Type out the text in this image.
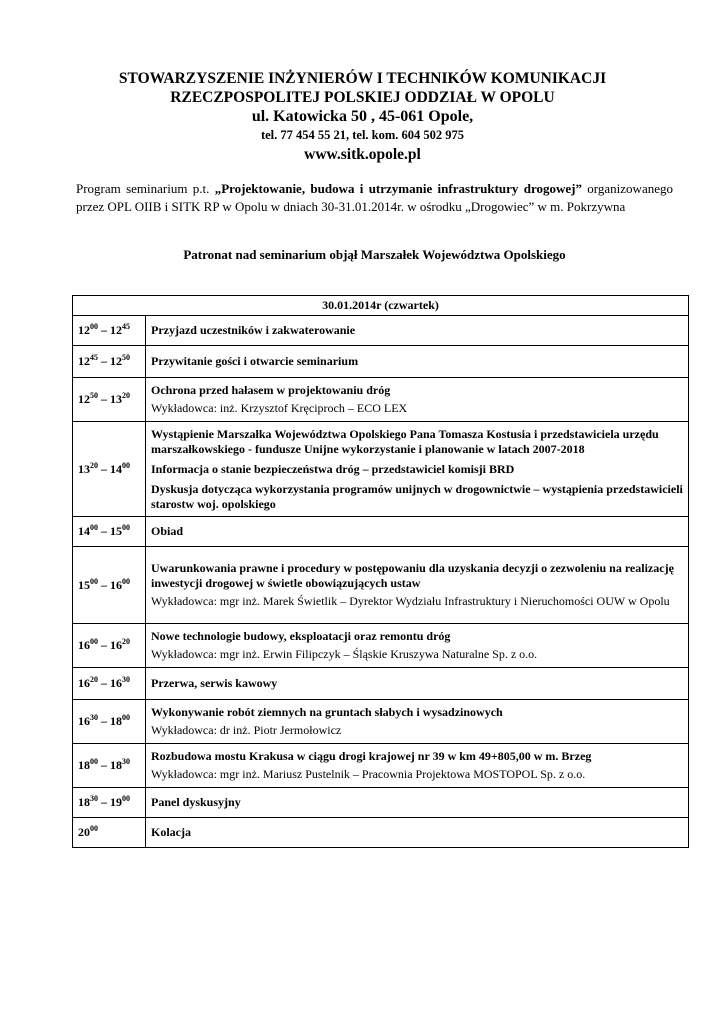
STOWARZYSZENIE INŻYNIERÓW I TECHNIKÓW KOMUNIKACJI

RZECZPOSPOLITEJ POLSKIEJ ODDZIAŁ W OPOLU

ul. Katowicka 50 , 45-061 Opole,

tel. 77 454 55 21, tel. kom. 604 502 975

www.sitk.opole.pl

Program seminarium p.t. „Projektowanie, budowa i utrzymanie infrastruktury drogowej” organizowanego przez OPL OIIB i SITK RP w Opolu w dniach 30-31.01.2014r. w ośrodku „Drogowiec” w m. Pokrzywna
Patronat nad seminarium objął Marszałek Województwa Opolskiego
30.01.2014r (czwartek)	
$12^{00} - 12^{45}$	Przyjazd uczestników i zakwaterowanie

$12^{45} - 12^{50}$	Przywitanie gości i otwarcie seminarium

$12^{50} - 13^{20}$	Ochrona przed hałasem w projektowaniu dróg
Wykładowca: inż. Krzysztof Kręciproch – ECO LEX

$13^{20} - 14^{00}$	Wystąpienie Marszałka Województwa Opolskiego Pana Tomasza Kostusia i przedstawiciela urzędu marszałkowskiego - fundusze Unijne wykorzystanie i planowanie w latach 2007-2018
Informacja o stanie bezpieczeństwa dróg – przedstawiciel komisji BRD
Dyskusja dotycząca wykorzystania programów unijnych w drogownictwie – wystąpienia przedstawicieli starostw woj. opolskiego

$14^{00} - 15^{00}$	Obiad

$15^{00} - 16^{00}$	Uwarunkowania prawne i procedury w postępowaniu dla uzyskania decyzji o zezwoleniu na realizację inwestycji drogowej w świetle obowiązujących ustaw
Wykładowca: mgr inż. Marek Świetlik – Dyrektor Wydziału Infrastruktury i Nieruchomości OUW w Opolu

$16^{00} - 16^{20}$	Nowe technologie budowy, eksploatacji oraz remontu dróg
Wykładowca: mgr inż. Erwin Filipczyk – Śląskie Kruszywa Naturalne Sp. z o.o.

$16^{20} - 16^{30}$	Przerwa, serwis kawowy

$16^{30} - 18^{00}$	Wykonywanie robót ziemnych na gruntach słabych i wysadzinowych
Wykładowca: dr inż. Piotr Jermołowicz

$18^{00} - 18^{30}$	Rozbudowa mostu Krakusa w ciągu drogi krajowej nr 39 w km 49+805,00 w m. Brzeg
Wykładowca: mgr inż. Mariusz Pustelnik – Pracownia Projektowa MOSTOPOL Sp. z o.o.

$18^{30} - 19^{00}$	Panel dyskusyjny

$20^{00}$	Kolacja
